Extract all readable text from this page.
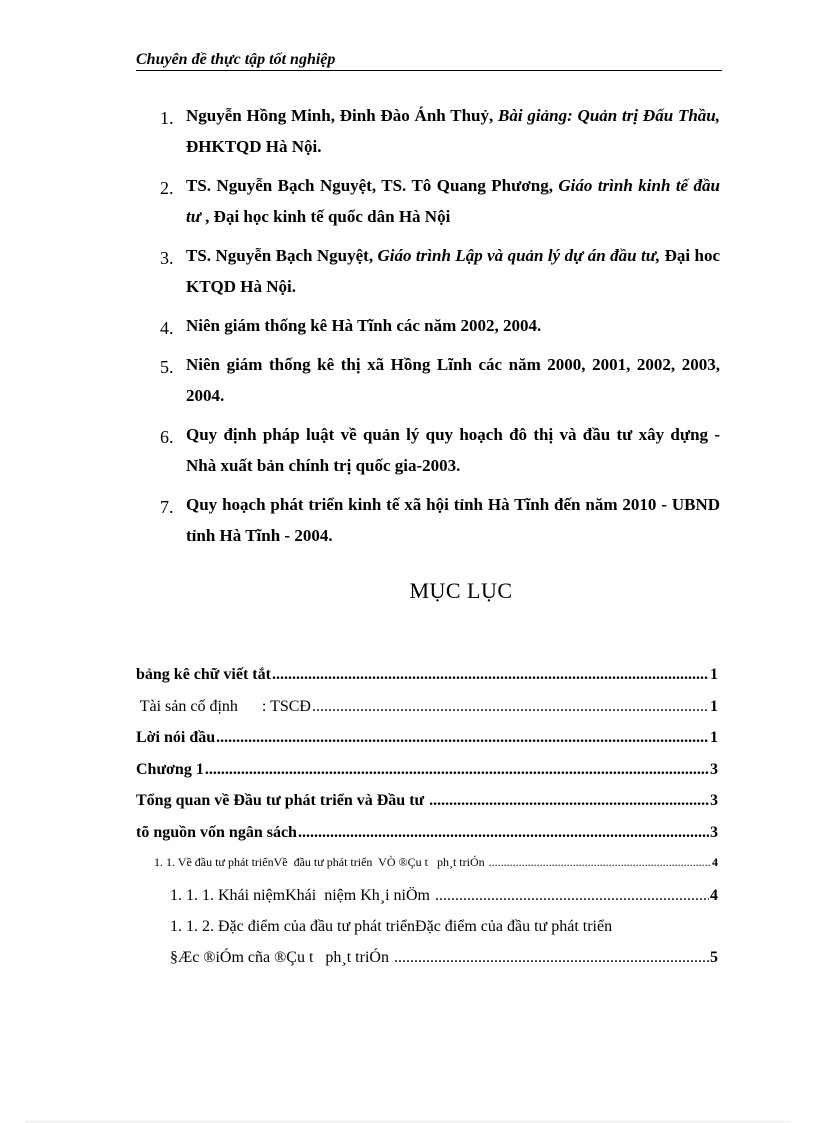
Chuyên đề thực tập tốt nghiệp
1. Nguyễn Hồng Minh, Đinh Đào Ánh Thuỷ, Bài giảng: Quản trị Đấu Thầu, ĐHKTQD Hà Nội.
2. TS. Nguyễn Bạch Nguyệt, TS. Tô Quang Phương, Giáo trình kinh tế đầu tư , Đại học kinh tế quốc dân Hà Nội
3. TS. Nguyễn Bạch Nguyệt, Giáo trình Lập và quản lý dự án đầu tư, Đại hoc KTQD Hà Nội.
4. Niên giám thống kê Hà Tĩnh các năm 2002, 2004.
5. Niên giám thống kê thị xã Hồng Lĩnh các năm 2000, 2001, 2002, 2003, 2004.
6. Quy định pháp luật về quản lý quy hoạch đô thị và đầu tư xây dựng - Nhà xuất bản chính trị quốc gia-2003.
7. Quy hoạch phát triển kinh tế xã hội tỉnh Hà Tĩnh đến năm 2010 - UBND tỉnh Hà Tĩnh - 2004.
MỤC LỤC
bảng kê chữ viết tắt .....	1
Tài sản cố định      : TSCĐ .....	1
Lời nói đầu .....	1
Chương 1 .....	3
Tổng quan về Đầu tư phát triển và Đầu tư .....	3
tõ nguồn vốn ngân sách .....	3
1. 1. Về đầu tư phát triểnVề  đầu tư phát triển  VÒ ®Çu t   ph¸t triÓn .....	4
1. 1. 1. Khái niệmKhái  niệm Kh¸i niÖm .....	4
1. 1. 2. Đặc điểm của đầu tư phát triểnĐặc điểm của đầu tư phát triển
§Æc ®iÓm cña ®Çu t   ph¸t triÓn .....	5
